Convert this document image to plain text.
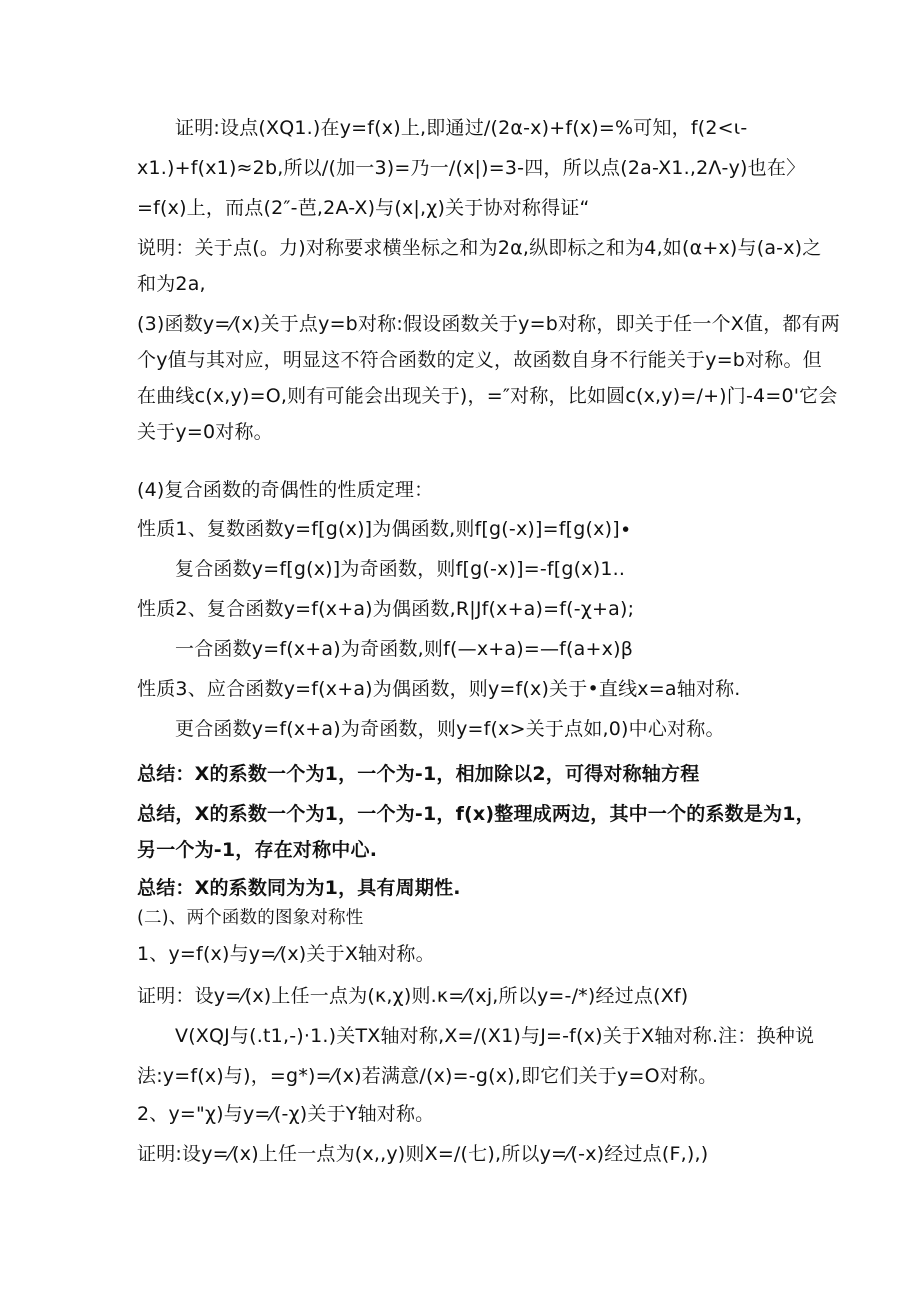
证明:设点(XQ1.)在y=f(x)上,即通过/(2α-x)+f(x)=%可知，f(2<ι-
x1.)+f(x1)≈2b,所以/(加一3)=乃一/(x|)=3-四，所以点(2a-X1.,2Λ-y)也在〉
=f(x)上，而点(2″-芭,2A-X)与(x|,χ)关于协对称得证“
说明：关于点(。力)对称要求横坐标之和为2α,纵即标之和为4,如(α+x)与(a-x)之
和为2a,
(3)函数y=⁄(x)关于点y=b对称:假设函数关于y=b对称，即关于任一个X值，都有两
个y值与其对应，明显这不符合函数的定义，故函数自身不行能关于y=b对称。但
在曲线c(x,y)=O,则有可能会出现关于)，=″对称，比如圆c(x,y)=/+)门-4=0'它会
关于y=0对称。
(4)复合函数的奇偶性的性质定理：
性质1、复数函数y=f[g(x)]为偶函数,则f[g(-x)]=f[g(x)]∙
复合函数y=f[g(x)]为奇函数，则f[g(-x)]=-f[g(x)1..
性质2、复合函数y=f(x+a)为偶函数,R|Jf(x+a)=f(-χ+a);
一合函数y=f(x+a)为奇函数,则f(—x+a)=—f(a+x)β
性质3、应合函数y=f(x+a)为偶函数，则y=f(x)关于•直线x=a轴对称.
更合函数y=f(x+a)为奇函数，则y=f(x>关于点如,0)中心对称。
总结：X的系数一个为1，一个为-1，相加除以2，可得对称轴方程
总结，X的系数一个为1，一个为-1，f(x)整理成两边，其中一个的系数是为1，
另一个为-1，存在对称中心.
总结：X的系数同为为1，具有周期性.
(二)、两个函数的图象对称性
1、y=f(x)与y=⁄(x)关于X轴对称。
证明：设y=⁄(x)上任一点为(κ,χ)则.κ=⁄(xj,所以y=-/*)经过点(Xf)
V(XQJ与(.t1,-)·1.)关TX轴对称,X=/(X1)与J=-f(x)关于X轴对称.注：换种说
法:y=f(x)与)，=g*)=⁄(x)若满意/(x)=-g(x),即它们关于y=O对称。
2、y="χ)与y=⁄(-χ)关于Y轴对称。
证明:设y=⁄(x)上任一点为(x,,y)则X=/(七),所以y=⁄(-x)经过点(F,),)
